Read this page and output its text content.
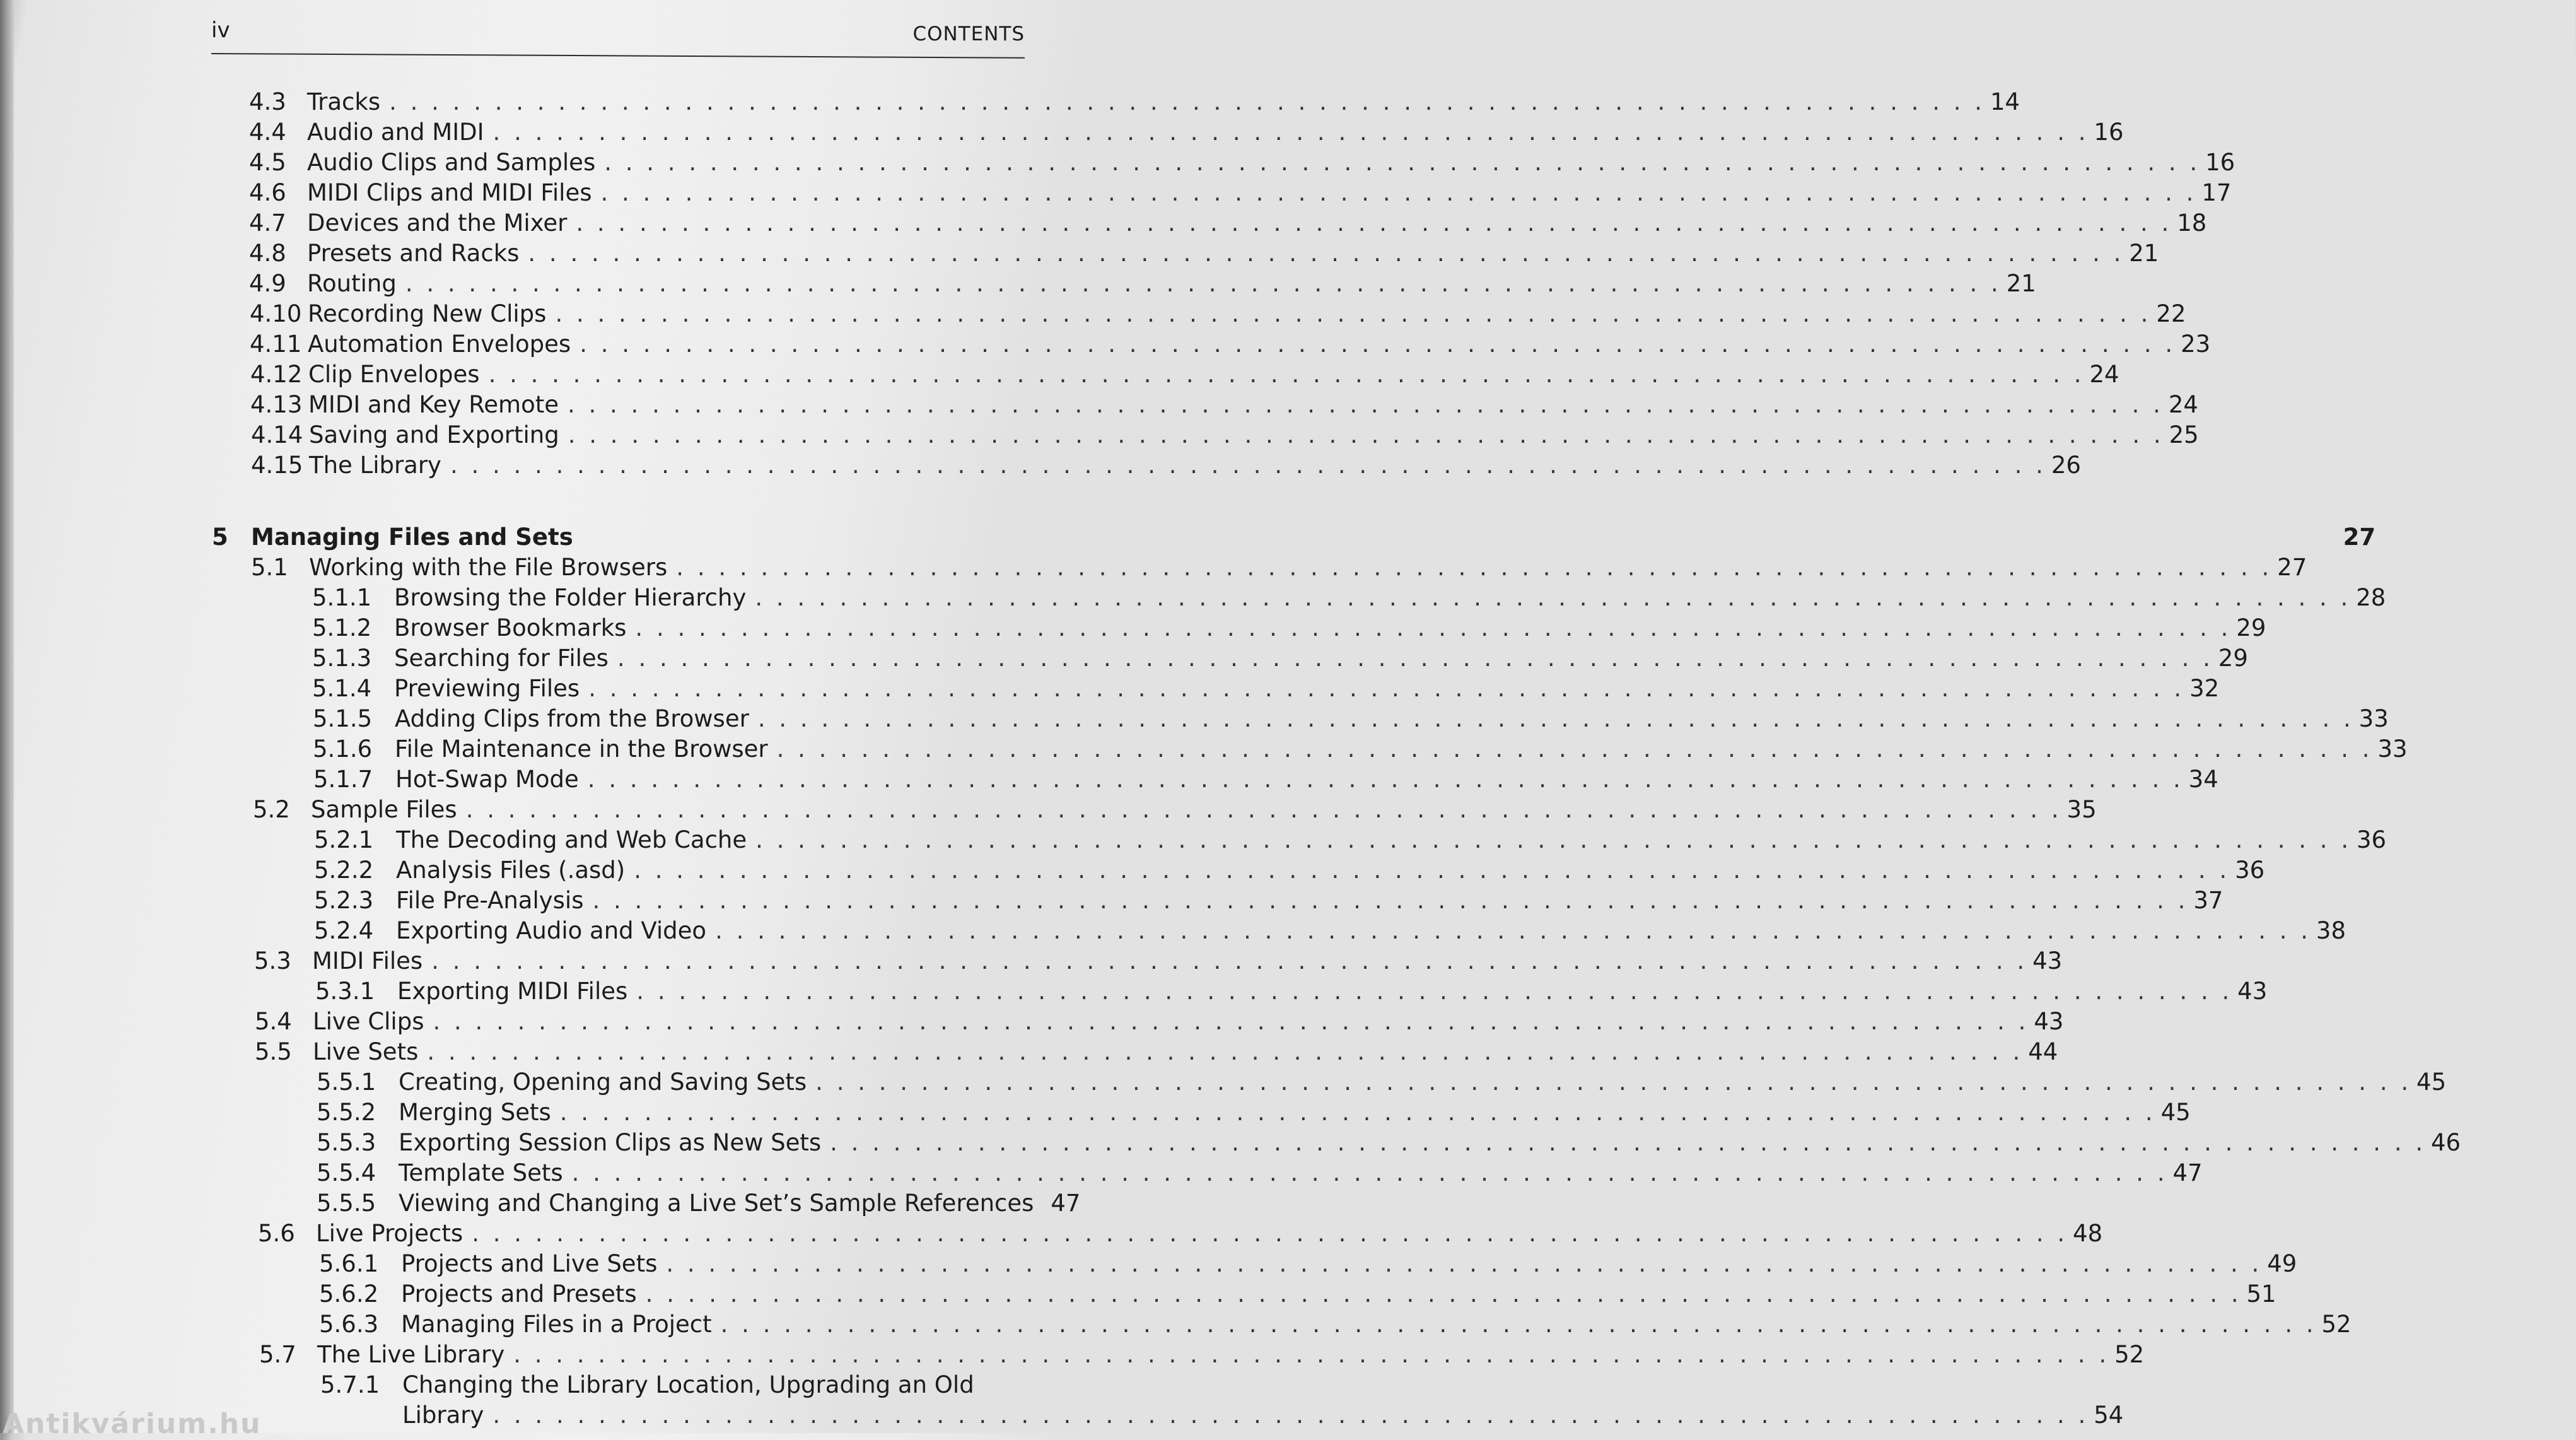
iv	CONTENTS
4.3 Tracks . . .	14
4.4 Audio and MIDI . . .	16
4.5 Audio Clips and Samples . . .	16
4.6 MIDI Clips and MIDI Files . . .	17
4.7 Devices and the Mixer . . .	18
4.8 Presets and Racks . . .	21
4.9 Routing . . .	21
4.10 Recording New Clips . . .	22
4.11 Automation Envelopes . . .	23
4.12 Clip Envelopes . . .	24
4.13 MIDI and Key Remote . . .	24
4.14 Saving and Exporting . . .	25
4.15 The Library . . .	26
5 Managing Files and Sets	27
5.1 Working with the File Browsers . . .	27
5.1.1 Browsing the Folder Hierarchy . . .	28
5.1.2 Browser Bookmarks . . .	29
5.1.3 Searching for Files . . .	29
5.1.4 Previewing Files . . .	32
5.1.5 Adding Clips from the Browser . . .	33
5.1.6 File Maintenance in the Browser . . .	33
5.1.7 Hot-Swap Mode . . .	34
5.2 Sample Files . . .	35
5.2.1 The Decoding and Web Cache . . .	36
5.2.2 Analysis Files (.asd) . . .	36
5.2.3 File Pre-Analysis . . .	37
5.2.4 Exporting Audio and Video . . .	38
5.3 MIDI Files . . .	43
5.3.1 Exporting MIDI Files . . .	43
5.4 Live Clips . . .	43
5.5 Live Sets . . .	44
5.5.1 Creating, Opening and Saving Sets . . .	45
5.5.2 Merging Sets . . .	45
5.5.3 Exporting Session Clips as New Sets . . .	46
5.5.4 Template Sets . . .	47
5.5.5 Viewing and Changing a Live Set’s Sample References 47
5.6 Live Projects . . .	48
5.6.1 Projects and Live Sets . . .	49
5.6.2 Projects and Presets . . .	51
5.6.3 Managing Files in a Project . . .	52
5.7 The Live Library . . .	52
5.7.1 Changing the Library Location, Upgrading an Old
Library . . .	54
Antikvárium.hu
